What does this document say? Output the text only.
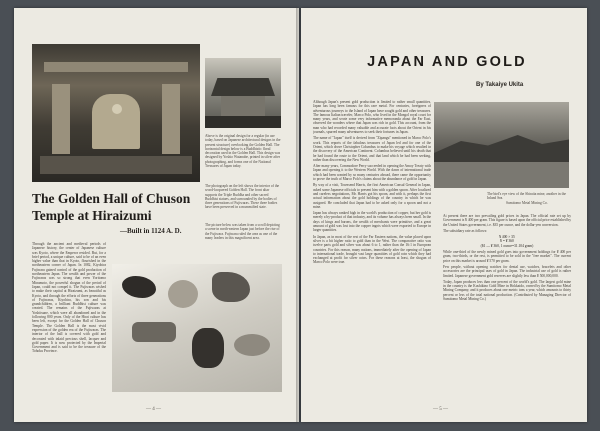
Above is the original design for a regular (in use today, based on Japanese architectural designs in the present structure) overlooking the Golden Hall. The horizontal design below is a Buddhistic floral decoration used in the Golden Hall. This design was designed by Yoshio Watanabe, printed in silver after photographing, and forms one of the National Treasures of Japan today.

The photograph on the left shows the interior of the wood-lacquered Golden Hall. The front altar supports the Triple Buddha and other sacred Buddhist statues, and surrounded by the bodies of three generations of Fujiwaras. These three bodies have been preserved in a mummified state.

The picture below was taken from a scroll depicting a scene in north-eastern Japan just before the rise of the Fujiwara. Fujiwara ruled the area as one of the many leaders in this magnificent area.

The Golden Hall of Chuson Temple at Hiraizumi
—Built in 1124 A. D.

Through the ancient and medieval periods of Japanese history, the center of Japanese culture was Kyoto, where the Emperor resided. But, for a brief period, a unique culture, said to be of an even higher value than that in Kyoto, flourished in the northeastern corner of Japan. In 1082, Kiyohira Fujiwara gained control of the gold production of northeastern Japan. The wealth and power of the Fujiwaras was so strong that even Yoritomo Minamoto, the powerful shogun of the period of Japan, could not compel it. The Fujiwaras wished to make their capital at Hiraizumi, as beautiful as Kyoto, and through the efforts of three generations of Fujiwaras, Kiyohira, his son and his grandchildren, a brilliant Buddhist culture was created. The remains of the Fujiwaras at Yoshitsune, which were all abandoned and in the following 800 years. Only of the Hirai culture has been left, except for the Golden Hall of Chuson Temple. The Golden Hall is the most vivid expression of the golden era of the Fujiwaras. The interior of the hall is covered with gold and decorated with inlaid precious shell, lacquer and gold paper. It is now protected by the Imperial Government and is said to be the treasure of the Tohoku Province.

— 4 —
JAPAN AND GOLD
By Takaiye Ukita

Although Japan's present gold production is limited to rather small quantities, Japan has long been famous for this rare metal. For centuries, foreigners of adventurous journeys to the Island of Japan have sought gold and other treasures. The famous Italian traveler, Marco Polo, who lived in the Mongol royal court for many years, and wrote some very informative memoranda about the Far East, observed the wonders where that Japan was rich in gold. This account, from the man who had recorded many valuable and accurate facts about the Orient in his journals, spurred many adventurers to seek their fortunes in Japan.

The name of "Japan" itself is derived from "Zipangu" mentioned in Marco Polo's work. This reports of the fabulous treasures of Japan led and for one of the Orient, which drove Christopher Columbus to make his voyage which resulted in the discovery of the American Continent. Columbus believed until his death that he had found the route to the Orient, and that land which he had been seeking, rather than discovering the New World.

After many years, Commodore Perry succeeded in opening the Amoy Treaty with Japan and opening it to the Western World. With the dawn of international trade which had been wanted by so many centuries abroad, there came the opportunity to prove the truth of Marco Polo's claims about the abundance of gold in Japan.

By way of a visit, Townsend Harris, the first American Consul General in Japan, asked some Japanese officials to present him with a golden spoon. After localized and careless negotiations, Mr. Harris got his spoon, and with it, perhaps the first actual information about the gold holdings of the country in which he was assigned. He concluded that Japan had to be asked only for a spoon and not a mine.

Japan has always ranked high in the world's production of copper, but her gold is merely a by-product of that industry, and its volume has always been small. In the days of kings and barons, the wealth of merchants were primitive, and a great amount of gold was lost into the copper ingots which were exported to Europe in larger quantities.

In Japan, as in most of the rest of the Far Eastern nations, the value placed upon silver is a bit higher ratio to gold than in the West. The comparative ratio was twelve parts gold and silver was about 6 to 1, rather than the 16:1 in European countries. For this reason, many nations, immediately after the opening of Japan to international trade, brought vast large quantities of gold coin which they had exchanged at profit for silver coins. For these reasons at least, the shogun of Marco Polo were true.

The bird's eye view of the Shiraita mine, another in the Inland Sea.

Sumitomo Metal Mining Co.

At present there are two prevailing gold prices in Japan. The official rate set up by Government is ¥ 400 per gram. This figure is based upon the official price established by the United States government, i.e. $35 per ounce, and the dollar-yen conversion.

The subsidiary rate as follows:

¥ 400 × 35
¥ = ¥ 360
($1 — ¥ 360, 1 ounce=31.104 gram)

While one-third of the newly mined gold goes into government holdings for ¥ 400 per gram, two-thirds, or the rest, is permitted to be sold in the "free market". The current price on this market is around ¥ 570 per gram.

Few people, without opening watches for dental use, watches, bracelets and other accessories are the principal uses of gold in Japan. The industrial use of gold is rather limited. Japanese government gold reserves are slightly less than ¥ 500,000,000.

Today, Japan produces less than one percent of the world's gold. The largest gold mine in the country is the Kushikino Gold Mine in Hokkaido, owned by the Sumitomo Metal Mining Company, and it produces about one metric tons a year, which amounts to thirty percent or less of the total national production. (Contributed by Managing Director of Sumitomo Metal Mining Co.)

— 5 —
